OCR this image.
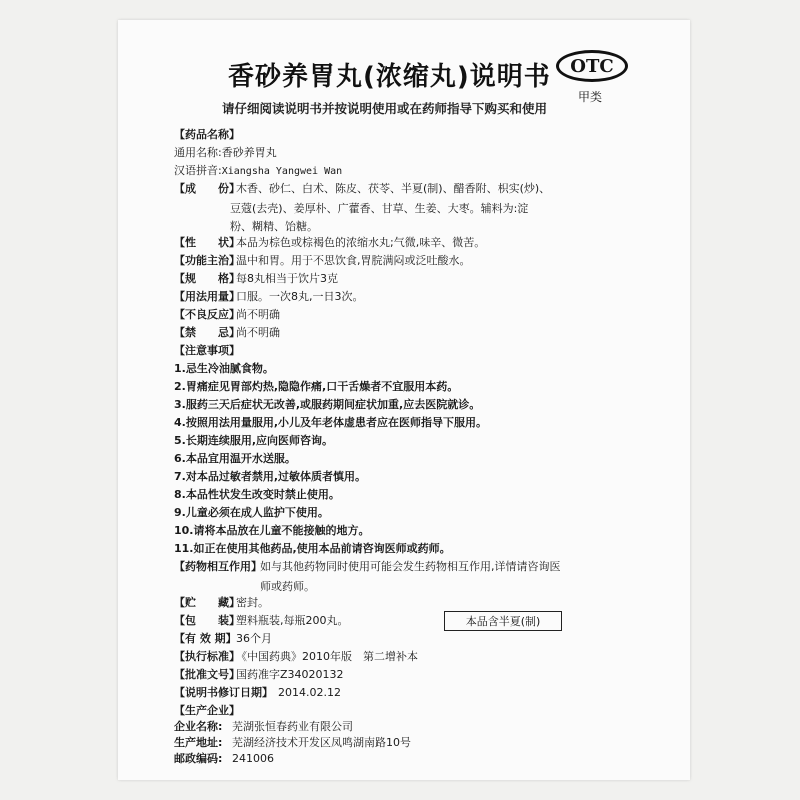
香砂养胃丸(浓缩丸)说明书	OTC
甲类
请仔细阅读说明书并按说明使用或在药师指导下购买和使用
【药品名称】
通用名称:香砂养胃丸
汉语拼音:Xiangsha Yangwei Wan
【成　　份】木香、砂仁、白术、陈皮、茯苓、半夏(制)、醋香附、枳实(炒)、
豆蔻(去壳)、姜厚朴、广藿香、甘草、生姜、大枣。辅料为:淀
粉、糊精、饴糖。
【性　　状】本品为棕色或棕褐色的浓缩水丸;气微,味辛、微苦。
【功能主治】温中和胃。用于不思饮食,胃脘满闷或泛吐酸水。
【规　　格】每8丸相当于饮片3克
【用法用量】口服。一次8丸,一日3次。
【不良反应】尚不明确
【禁　　忌】尚不明确
【注意事项】
1.忌生冷油腻食物。
2.胃痛症见胃部灼热,隐隐作痛,口干舌燥者不宜服用本药。
3.服药三天后症状无改善,或服药期间症状加重,应去医院就诊。
4.按照用法用量服用,小儿及年老体虚患者应在医师指导下服用。
5.长期连续服用,应向医师咨询。
6.本品宜用温开水送服。
7.对本品过敏者禁用,过敏体质者慎用。
8.本品性状发生改变时禁止使用。
9.儿童必须在成人监护下使用。
10.请将本品放在儿童不能接触的地方。
11.如正在使用其他药品,使用本品前请咨询医师或药师。
【药物相互作用】如与其他药物同时使用可能会发生药物相互作用,详情请咨询医
师或药师。
【贮　　藏】密封。
【包　　装】塑料瓶装,每瓶200丸。
【有 效 期】36个月
【执行标准】《中国药典》2010年版　第二增补本
【批准文号】国药准字Z34020132
【说明书修订日期】 2014.02.12
本品含半夏(制)
【生产企业】
企业名称: 芜湖张恒春药业有限公司
生产地址: 芜湖经济技术开发区凤鸣湖南路10号
邮政编码: 241006
